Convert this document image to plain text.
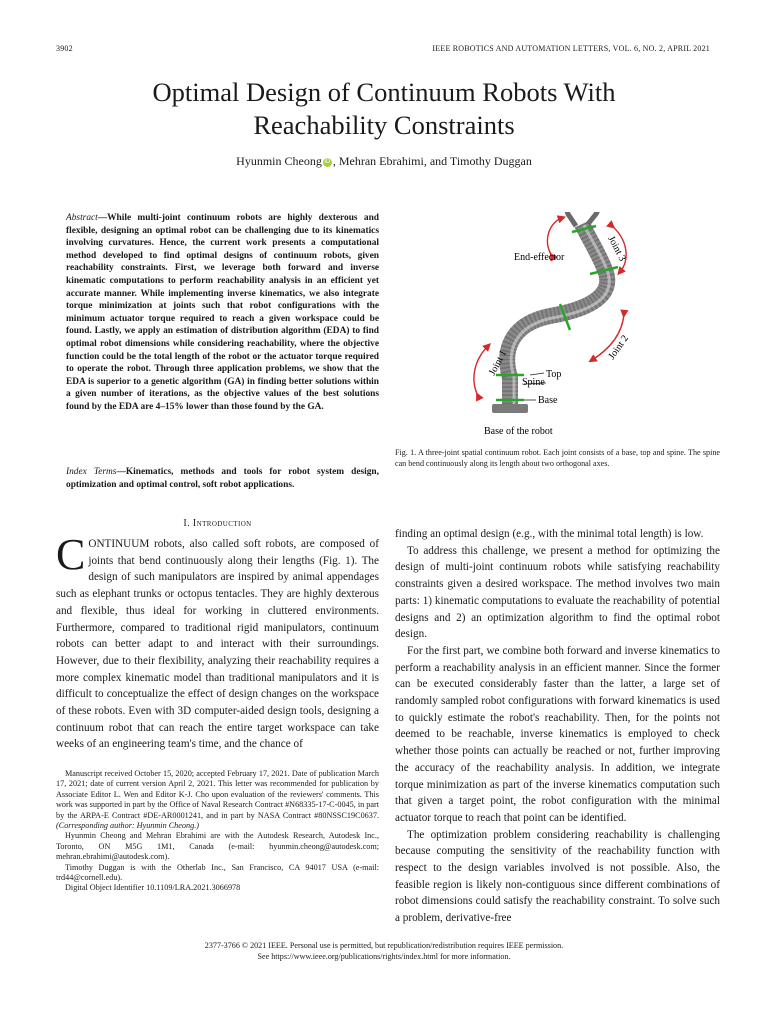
3902	IEEE ROBOTICS AND AUTOMATION LETTERS, VOL. 6, NO. 2, APRIL 2021
Optimal Design of Continuum Robots With
Reachability Constraints
Hyunmin Cheong iD , Mehran Ebrahimi, and Timothy Duggan
Abstract—While multi-joint continuum robots are highly dexterous and flexible, designing an optimal robot can be challenging due to its kinematics involving curvatures. Hence, the current work presents a computational method developed to find optimal designs of continuum robots, given reachability constraints. First, we leverage both forward and inverse kinematic computations to perform reachability analysis in an efficient yet accurate manner. While implementing inverse kinematics, we also integrate torque minimization at joints such that robot configurations with the minimum actuator torque required to reach a given workspace could be found. Lastly, we apply an estimation of distribution algorithm (EDA) to find optimal robot dimensions while considering reachability, where the objective function could be the total length of the robot or the actuator torque required to operate the robot. Through three application problems, we show that the EDA is superior to a genetic algorithm (GA) in finding better solutions within a given number of iterations, as the objective values of the best solutions found by the EDA are 4–15% lower than those found by the GA.
Index Terms—Kinematics, methods and tools for robot system design, optimization and optimal control, soft robot applications.
End-effector	Joint 3
Joint 2
Joint 1	Top
Spine
Base
Base of the robot
Fig. 1. A three-joint spatial continuum robot. Each joint consists of a base, top and spine. The spine can bend continuously along its length about two orthogonal axes.
I. Introduction

CONTINUUM robots, also called soft robots, are composed of joints that bend continuously along their lengths (Fig. 1). The design of such manipulators are inspired by animal appendages such as elephant trunks or octopus tentacles. They are highly dexterous and flexible, thus ideal for working in cluttered environments. Furthermore, compared to traditional rigid manipulators, continuum robots can better adapt to and interact with their surroundings. However, due to their flexibility, analyzing their reachability requires a more complex kinematic model than traditional manipulators and it is difficult to conceptualize the effect of design changes on the workspace of these robots. Even with 3D computer-aided design tools, designing a continuum robot that can reach the entire target workspace can take weeks of an engineering team's time, and the chance of

finding an optimal design (e.g., with the minimal total length) is low.

To address this challenge, we present a method for optimizing the design of multi-joint continuum robots while satisfying reachability constraints given a desired workspace. The method involves two main parts: 1) kinematic computations to evaluate the reachability of potential designs and 2) an optimization algorithm to find the optimal robot design.

For the first part, we combine both forward and inverse kinematics to perform a reachability analysis in an efficient manner. Since the former can be executed considerably faster than the latter, a large set of randomly sampled robot configurations with forward kinematics is used to quickly estimate the robot's reachability. Then, for the points not deemed to be reachable, inverse kinematics is employed to check whether those points can actually be reached or not, further improving the accuracy of the reachability analysis. In addition, we integrate torque minimization as part of the inverse kinematics computation such that given a target point, the robot configuration with the minimal actuator torque to reach that point can be identified.

The optimization problem considering reachability is challenging because computing the sensitivity of the reachability function with respect to the design variables involved is not possible. Also, the feasible region is likely non-contiguous since different combinations of robot dimensions could satisfy the reachability constraint. To solve such a problem, derivative-free

Manuscript received October 15, 2020; accepted February 17, 2021. Date of publication March 17, 2021; date of current version April 2, 2021. This letter was recommended for publication by Associate Editor L. Wen and Editor K-J. Cho upon evaluation of the reviewers' comments. This work was supported in part by the Office of Naval Research Contract #N68335-17-C-0045, in part by the ARPA-E Contract #DE-AR0001241, and in part by NASA Contract #80NSSC19C0637. (Corresponding author: Hyunmin Cheong.)

Hyunmin Cheong and Mehran Ebrahimi are with the Autodesk Research, Autodesk Inc., Toronto, ON M5G 1M1, Canada (e-mail: hyunmin.cheong@autodesk.com; mehran.ebrahimi@autodesk.com).

Timothy Duggan is with the Otherlab Inc., San Francisco, CA 94017 USA (e-mail: trd44@cornell.edu).

Digital Object Identifier 10.1109/LRA.2021.3066978

2377-3766 © 2021 IEEE. Personal use is permitted, but republication/redistribution requires IEEE permission.
See https://www.ieee.org/publications/rights/index.html for more information.
